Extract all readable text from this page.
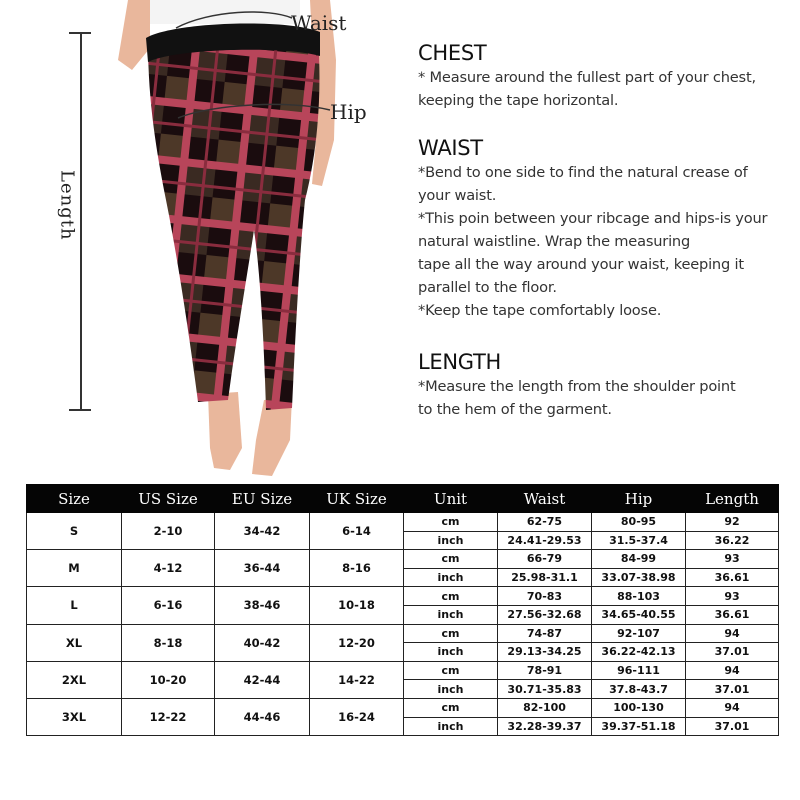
Length
Waist
Hip

CHEST

* Measure around the fullest part of your chest,

keeping the tape horizontal.

WAIST

*Bend to one side to find the natural crease of

your waist.

*This poin between your ribcage and hips-is your

natural waistline. Wrap the measuring

tape all the way around your waist, keeping it

parallel to the floor.

*Keep the tape comfortably loose.

LENGTH

*Measure the length from the shoulder point

to the hem of the garment.

Size	US Size	EU Size	UK Size	Unit	Waist	Hip	Length
S	2-10	34-42	6-14	cm	62-75	80-95	92
				inch	24.41-29.53	31.5-37.4	36.22
M	4-12	36-44	8-16	cm	66-79	84-99	93
				inch	25.98-31.1	33.07-38.98	36.61
L	6-16	38-46	10-18	cm	70-83	88-103	93
				inch	27.56-32.68	34.65-40.55	36.61
XL	8-18	40-42	12-20	cm	74-87	92-107	94
				inch	29.13-34.25	36.22-42.13	37.01
2XL	10-20	42-44	14-22	cm	78-91	96-111	94
				inch	30.71-35.83	37.8-43.7	37.01
3XL	12-22	44-46	16-24	cm	82-100	100-130	94
				inch	32.28-39.37	39.37-51.18	37.01
